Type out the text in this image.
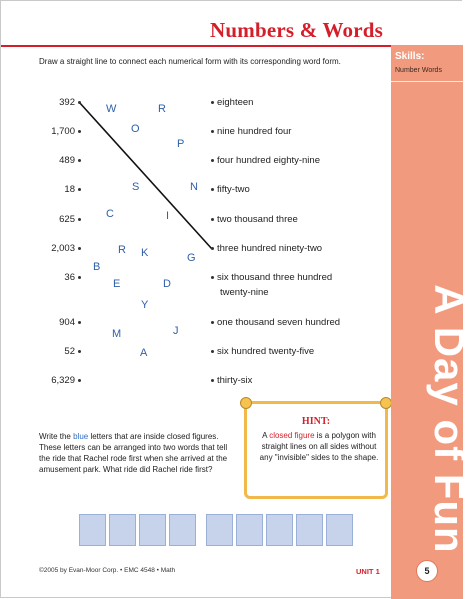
Numbers & Words
Draw a straight line to connect each numerical form with its corresponding word form.
392
1,700
489
18
625
2,003
36
904
52
6,329
eighteen
nine hundred four
four hundred eighty-nine
fifty-two
two thousand three
three hundred ninety-two
six thousand three hundred
twenty-nine
one thousand seven hundred
six hundred twenty-five
thirty-six
W	R
O
P
N
S
C	I
R K	G
B
E	D
Y
M	J
A
Write the blue letters that are inside closed figures. These letters can be arranged into two words that tell the ride that Rachel rode first when she arrived at the amusement park. What ride did Rachel ride first?
HINT:
A closed figure is a polygon with straight lines on all sides without any "invisible" sides to the shape.
©2005 by Evan-Moor Corp. • EMC 4548 • Math	UNIT 1
Skills:
Number Words
A Day of Fun
5
